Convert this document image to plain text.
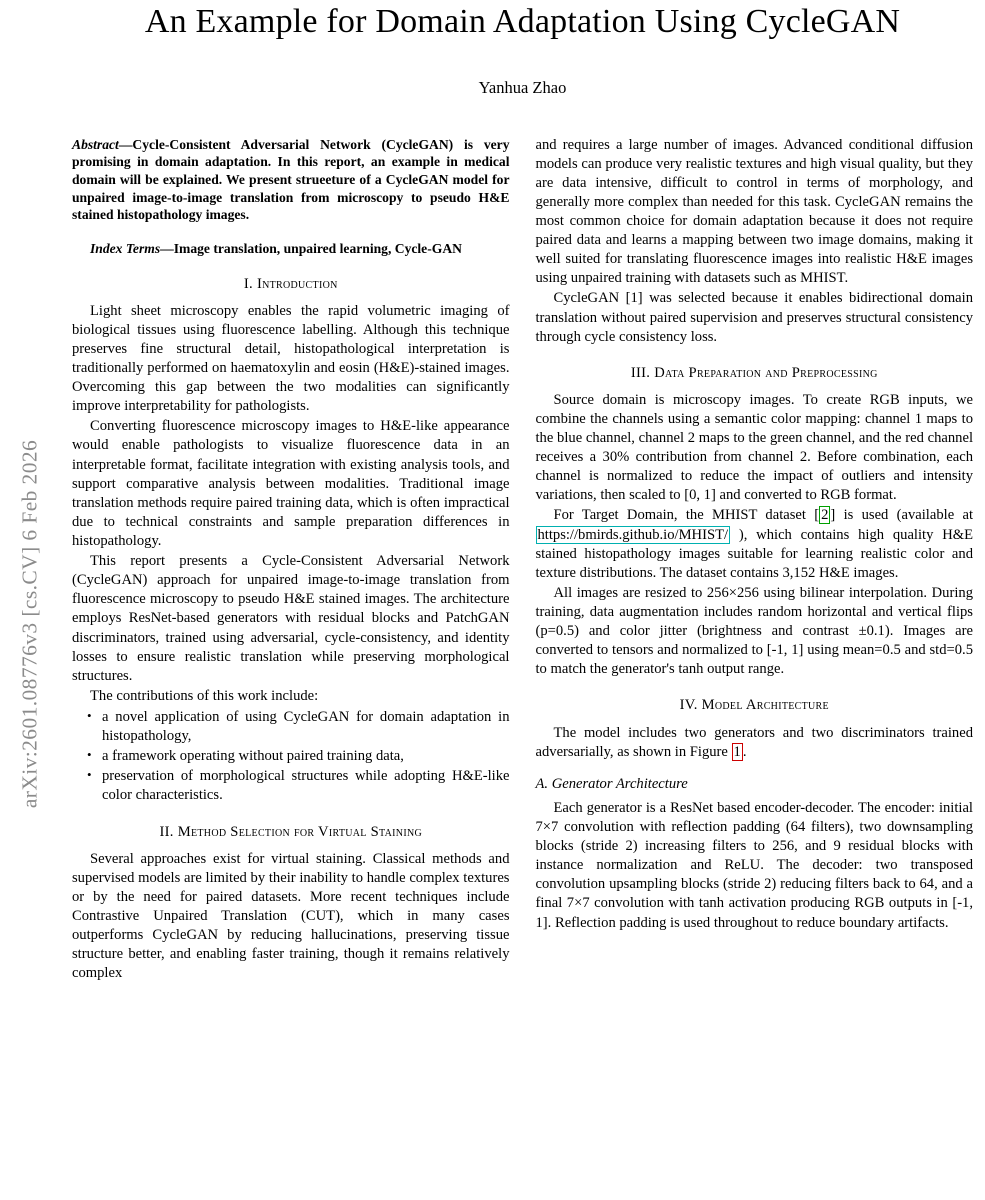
arXiv:2601.08776v3 [cs.CV] 6 Feb 2026
An Example for Domain Adaptation Using CycleGAN
Yanhua Zhao

Abstract—Cycle-Consistent Adversarial Network (CycleGAN) is very promising in domain adaptation. In this report, an example in medical domain will be explained. We present strueeture of a CycleGAN model for unpaired image-to-image translation from microscopy to pseudo H&E stained histopathology images.

Index Terms—Image translation, unpaired learning, Cycle-GAN

I. Introduction

Light sheet microscopy enables the rapid volumetric imaging of biological tissues using fluorescence labelling. Although this technique preserves fine structural detail, histopathological interpretation is traditionally performed on haematoxylin and eosin (H&E)-stained images. Overcoming this gap between the two modalities can significantly improve interpretability for pathologists.

Converting fluorescence microscopy images to H&E-like appearance would enable pathologists to visualize fluorescence data in an interpretable format, facilitate integration with existing analysis tools, and support comparative analysis between modalities. Traditional image translation methods require paired training data, which is often impractical due to technical constraints and sample preparation differences in histopathology.

This report presents a Cycle-Consistent Adversarial Network (CycleGAN) approach for unpaired image-to-image translation from fluorescence microscopy to pseudo H&E stained images. The architecture employs ResNet-based generators with residual blocks and PatchGAN discriminators, trained using adversarial, cycle-consistency, and identity losses to ensure realistic translation while preserving morphological structures.

The contributions of this work include:

• a novel application of using CycleGAN for domain adaptation in histopathology,
• a framework operating without paired training data,
• preservation of morphological structures while adopting H&E-like color characteristics.
II. Method Selection for Virtual Staining

Several approaches exist for virtual staining. Classical methods and supervised models are limited by their inability to handle complex textures or by the need for paired datasets. More recent techniques include Contrastive Unpaired Translation (CUT), which in many cases outperforms CycleGAN by reducing hallucinations, preserving tissue structure better, and enabling faster training, though it remains relatively complex

and requires a large number of images. Advanced conditional diffusion models can produce very realistic textures and high visual quality, but they are data intensive, difficult to control in terms of morphology, and generally more complex than needed for this task. CycleGAN remains the most common choice for domain adaptation because it does not require paired data and learns a mapping between two image domains, making it well suited for translating fluorescence images into realistic H&E images using unpaired training with datasets such as MHIST.

CycleGAN [1] was selected because it enables bidirectional domain translation without paired supervision and preserves structural consistency through cycle consistency loss.

III. Data Preparation and Preprocessing

Source domain is microscopy images. To create RGB inputs, we combine the channels using a semantic color mapping: channel 1 maps to the blue channel, channel 2 maps to the green channel, and the red channel receives a 30% contribution from channel 2. Before combination, each channel is normalized to reduce the impact of outliers and intensity variations, then scaled to [0, 1] and converted to RGB format.

For Target Domain, the MHIST dataset [ 2 ] is used (available at https://bmirds.github.io/MHIST/ ), which contains high quality H&E stained histopathology images suitable for learning realistic color and texture distributions. The dataset contains 3,152 H&E images.

All images are resized to 256×256 using bilinear interpolation. During training, data augmentation includes random horizontal and vertical flips (p=0.5) and color jitter (brightness and contrast ±0.1). Images are converted to tensors and normalized to [-1, 1] using mean=0.5 and std=0.5 to match the generator's tanh output range.

IV. Model Architecture

The model includes two generators and two discriminators trained adversarially, as shown in Figure 1 .

A. Generator Architecture

Each generator is a ResNet based encoder-decoder. The encoder: initial 7×7 convolution with reflection padding (64 filters), two downsampling blocks (stride 2) increasing filters to 256, and 9 residual blocks with instance normalization and ReLU. The decoder: two transposed convolution upsampling blocks (stride 2) reducing filters back to 64, and a final 7×7 convolution with tanh activation producing RGB outputs in [-1, 1]. Reflection padding is used throughout to reduce boundary artifacts.
